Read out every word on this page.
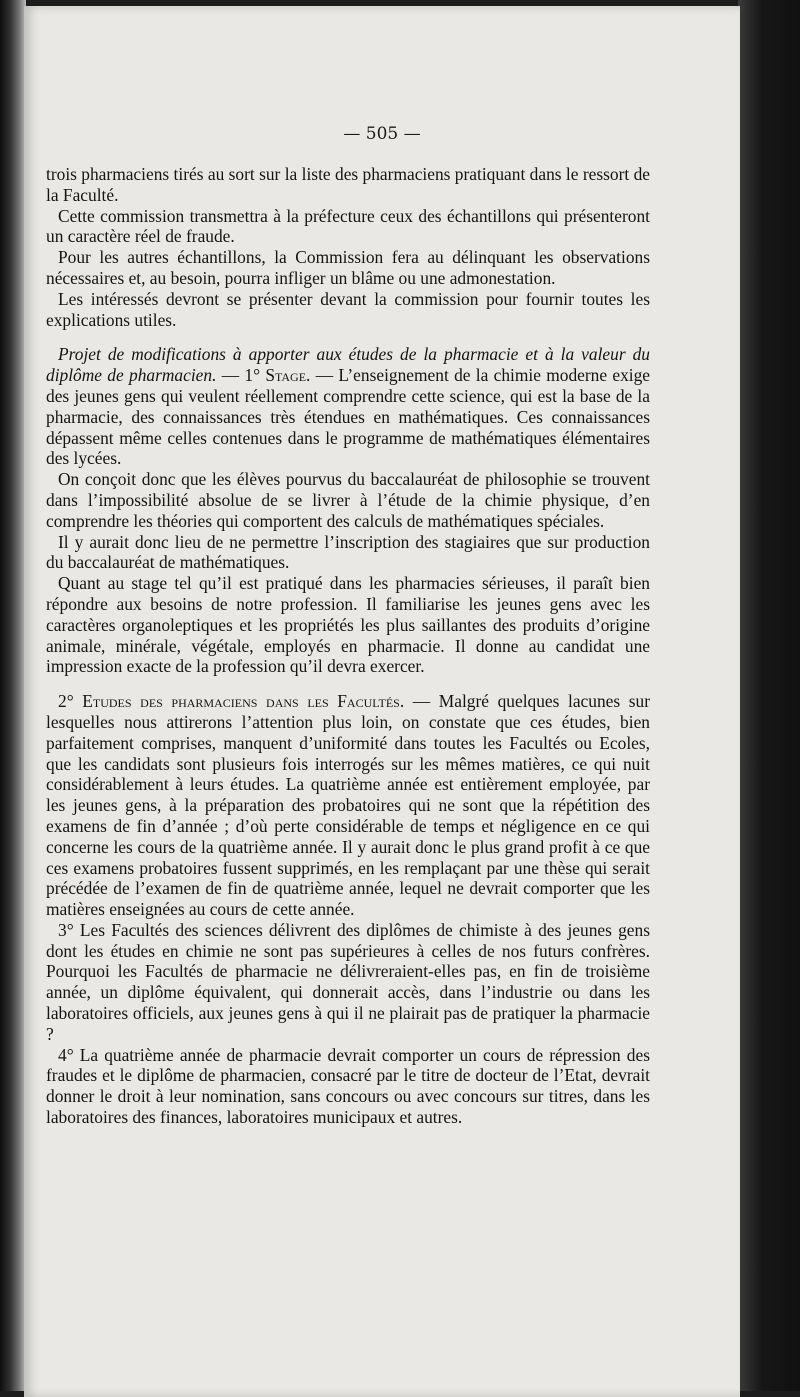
— 505 —

trois pharmaciens tirés au sort sur la liste des pharmaciens pratiquant dans le ressort de la Faculté.

Cette commission transmettra à la préfecture ceux des échantillons qui présenteront un caractère réel de fraude.

Pour les autres échantillons, la Commission fera au délinquant les observations nécessaires et, au besoin, pourra infliger un blâme ou une admonestation.

Les intéressés devront se présenter devant la commission pour fournir toutes les explications utiles.

Projet de modifications à apporter aux études de la pharmacie et à la valeur du diplôme de pharmacien. — 1° Stage. — L’enseignement de la chimie moderne exige des jeunes gens qui veulent réellement comprendre cette science, qui est la base de la pharmacie, des connaissances très étendues en mathématiques. Ces connaissances dépassent même celles contenues dans le programme de mathématiques élémentaires des lycées.

On conçoit donc que les élèves pourvus du baccalauréat de philosophie se trouvent dans l’impossibilité absolue de se livrer à l’étude de la chimie physique, d’en comprendre les théories qui comportent des calculs de mathématiques spéciales.

Il y aurait donc lieu de ne permettre l’inscription des stagiaires que sur production du baccalauréat de mathématiques.

Quant au stage tel qu’il est pratiqué dans les pharmacies sérieuses, il paraît bien répondre aux besoins de notre profession. Il familiarise les jeunes gens avec les caractères organoleptiques et les propriétés les plus saillantes des produits d’origine animale, minérale, végétale, employés en pharmacie. Il donne au candidat une impression exacte de la profession qu’il devra exercer.

2° Etudes des pharmaciens dans les Facultés. — Malgré quelques lacunes sur lesquelles nous attirerons l’attention plus loin, on constate que ces études, bien parfaitement comprises, manquent d’uniformité dans toutes les Facultés ou Ecoles, que les candidats sont plusieurs fois interrogés sur les mêmes matières, ce qui nuit considérablement à leurs études. La quatrième année est entièrement employée, par les jeunes gens, à la préparation des probatoires qui ne sont que la répétition des examens de fin d’année ; d’où perte considérable de temps et négligence en ce qui concerne les cours de la quatrième année. Il y aurait donc le plus grand profit à ce que ces examens probatoires fussent supprimés, en les remplaçant par une thèse qui serait précédée de l’examen de fin de quatrième année, lequel ne devrait comporter que les matières enseignées au cours de cette année.

3° Les Facultés des sciences délivrent des diplômes de chimiste à des jeunes gens dont les études en chimie ne sont pas supérieures à celles de nos futurs confrères. Pourquoi les Facultés de pharmacie ne délivreraient-elles pas, en fin de troisième année, un diplôme équivalent, qui donnerait accès, dans l’industrie ou dans les laboratoires officiels, aux jeunes gens à qui il ne plairait pas de pratiquer la pharmacie ?

4° La quatrième année de pharmacie devrait comporter un cours de répression des fraudes et le diplôme de pharmacien, consacré par le titre de docteur de l’Etat, devrait donner le droit à leur nomination, sans concours ou avec concours sur titres, dans les laboratoires des finances, laboratoires municipaux et autres.
